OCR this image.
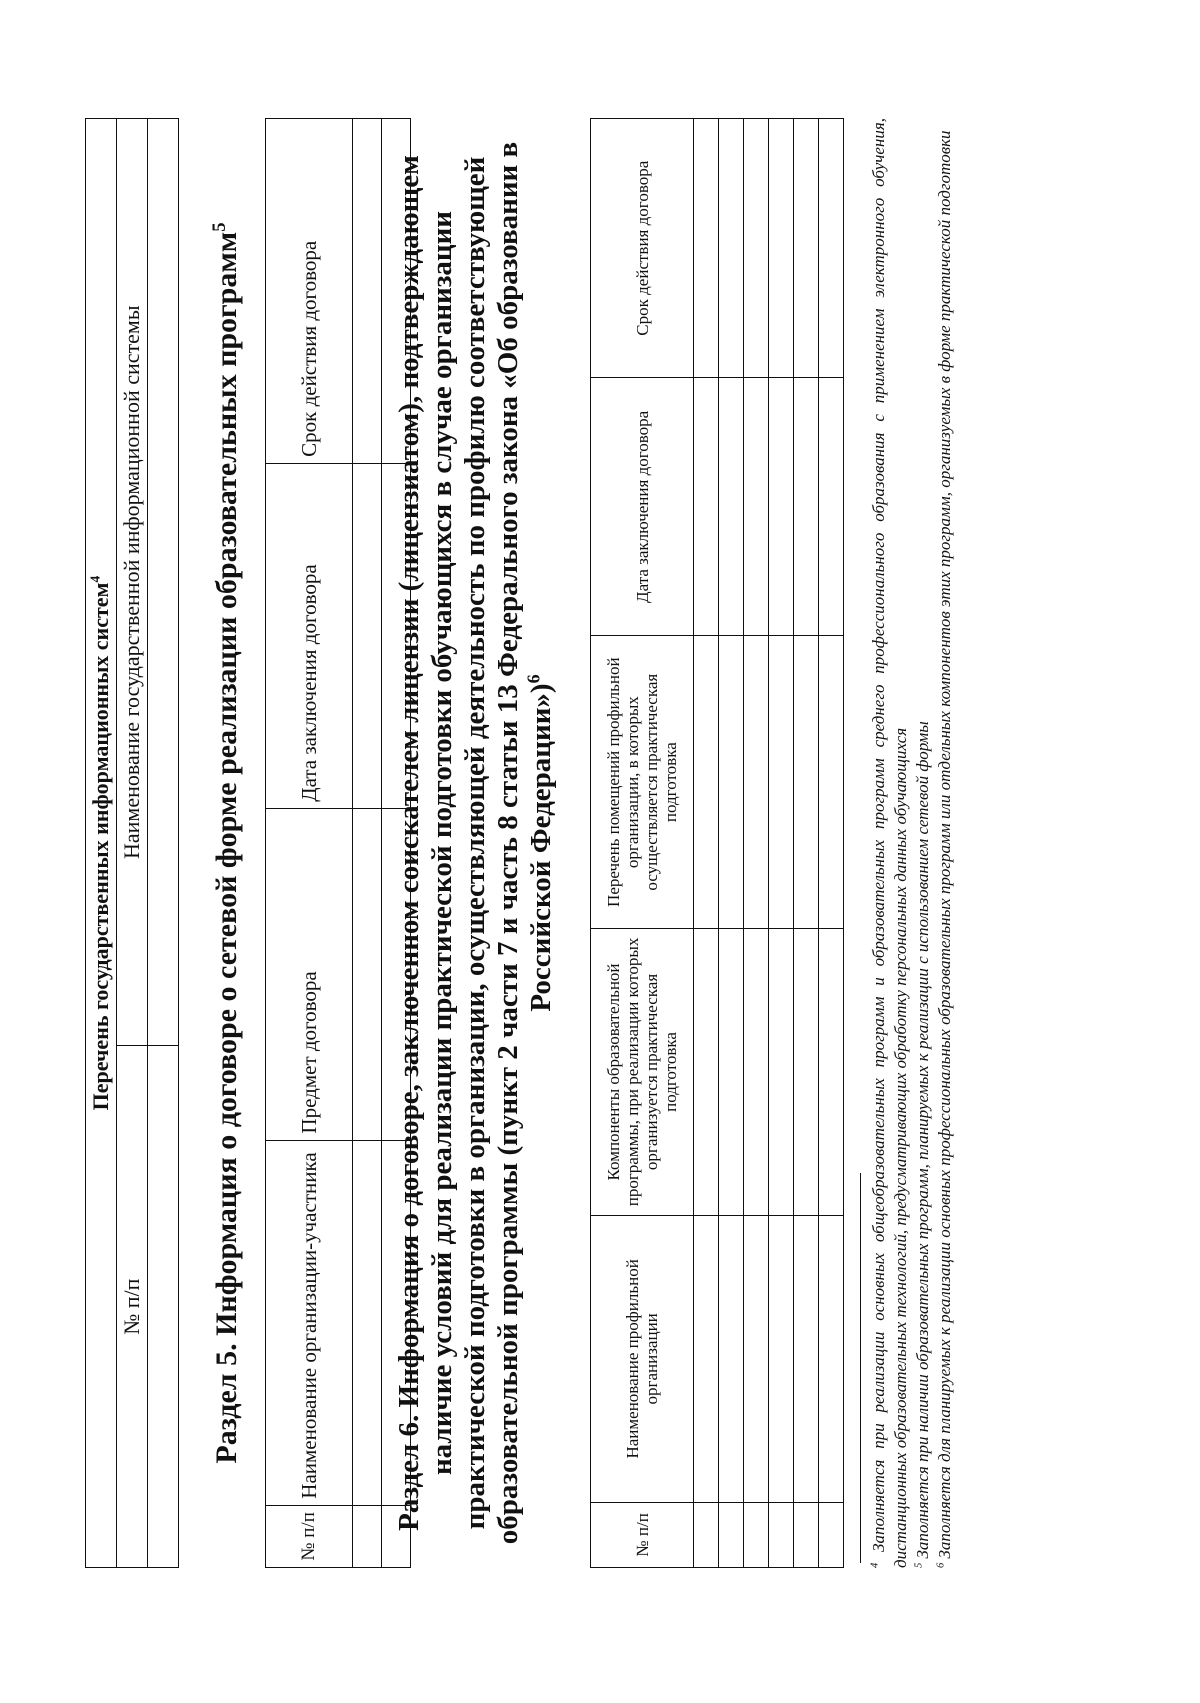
Перечень государственных информационных систем$^4$
№ п/п	Наименование государственной информационной системы
	Раздел 5. Информация о договоре о сетевой форме реализации образовательных программ$^5$
№ п/п	Наименование организации-участника	Предмет договора	Дата заключения договора	Срок действия договора

					Раздел 6. Информация о договоре, заключенном соискателем лицензии (лицензиатом), подтверждающем наличие условий для реализации практической подготовки обучающихся в случае организации практической подготовки в организации, осуществляющей деятельность по профилю соответствующей образовательной программы (пункт 2 части 7 и часть 8 статьи 13 Федерального закона «Об образовании в Российской Федерации»)$^6$
№ п/п	Наименование профильной организации	Компоненты образовательной программы, при реализации которых организуется практическая подготовка	Перечень помещений профильной организации, в которых осуществляется практическая подготовка	Дата заключения договора	Срок действия договора

$^4$ Заполняется при реализации основных общеобразовательных программ и образовательных программ среднего профессионального образования с применением электронного обучения, дистанционных образовательных технологий, предусматривающих обработку персональных данных обучающихся $^5$ Заполняется при наличии образовательных программ, планируемых к реализации с использованием сетевой формы

$^6$ Заполняется для планируемых к реализации основных профессиональных образовательных программ или отдельных компонентов этих программ, организуемых в форме практической подготовки
